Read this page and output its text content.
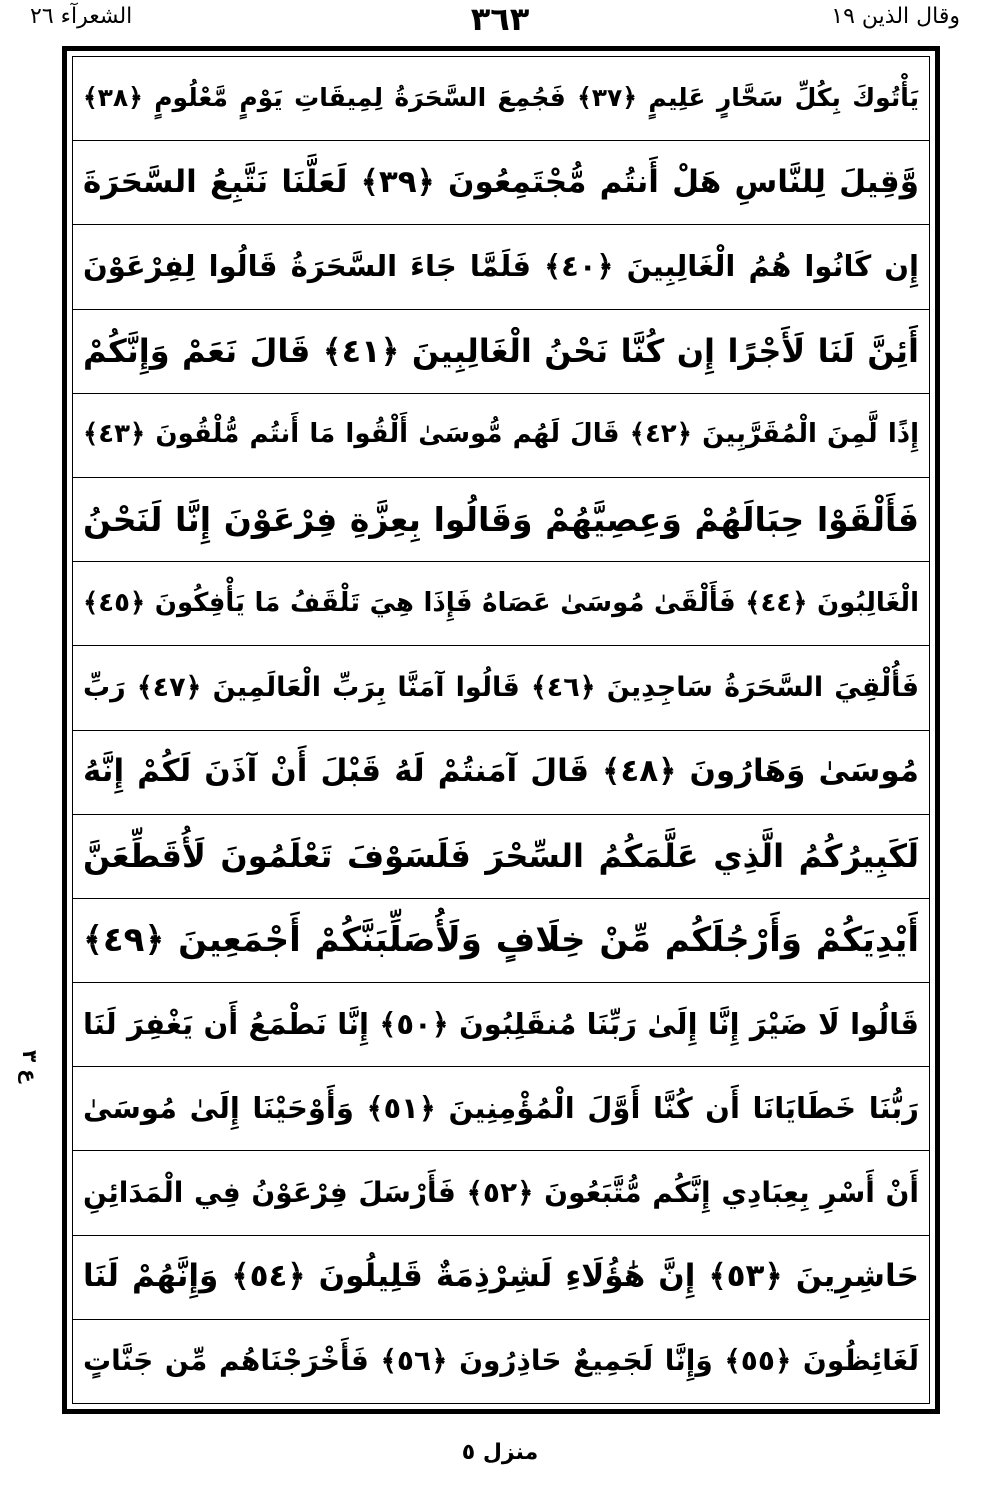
الشعرآء ٢٦	٣٦٣	وقال الذين ١٩
يَأْتُوكَ بِكُلِّ سَحَّارٍ عَلِيمٍ ﴿٣٧﴾ فَجُمِعَ السَّحَرَةُ لِمِيقَاتِ يَوْمٍ مَّعْلُومٍ ﴿٣٨﴾
وَّقِيلَ لِلنَّاسِ هَلْ أَنتُم مُّجْتَمِعُونَ ﴿٣٩﴾ لَعَلَّنَا نَتَّبِعُ السَّحَرَةَ
إِن كَانُوا هُمُ الْغَالِبِينَ ﴿٤٠﴾ فَلَمَّا جَاءَ السَّحَرَةُ قَالُوا لِفِرْعَوْنَ
أَئِنَّ لَنَا لَأَجْرًا إِن كُنَّا نَحْنُ الْغَالِبِينَ ﴿٤١﴾ قَالَ نَعَمْ وَإِنَّكُمْ
إِذًا لَّمِنَ الْمُقَرَّبِينَ ﴿٤٢﴾ قَالَ لَهُم مُّوسَىٰ أَلْقُوا مَا أَنتُم مُّلْقُونَ ﴿٤٣﴾
فَأَلْقَوْا حِبَالَهُمْ وَعِصِيَّهُمْ وَقَالُوا بِعِزَّةِ فِرْعَوْنَ إِنَّا لَنَحْنُ
الْغَالِبُونَ ﴿٤٤﴾ فَأَلْقَىٰ مُوسَىٰ عَصَاهُ فَإِذَا هِيَ تَلْقَفُ مَا يَأْفِكُونَ ﴿٤٥﴾
فَأُلْقِيَ السَّحَرَةُ سَاجِدِينَ ﴿٤٦﴾ قَالُوا آمَنَّا بِرَبِّ الْعَالَمِينَ ﴿٤٧﴾ رَبِّ
مُوسَىٰ وَهَارُونَ ﴿٤٨﴾ قَالَ آمَنتُمْ لَهُ قَبْلَ أَنْ آذَنَ لَكُمْ إِنَّهُ
لَكَبِيرُكُمُ الَّذِي عَلَّمَكُمُ السِّحْرَ فَلَسَوْفَ تَعْلَمُونَ لَأُقَطِّعَنَّ
أَيْدِيَكُمْ وَأَرْجُلَكُم مِّنْ خِلَافٍ وَلَأُصَلِّبَنَّكُمْ أَجْمَعِينَ ﴿٤٩﴾
قَالُوا لَا ضَيْرَ إِنَّا إِلَىٰ رَبِّنَا مُنقَلِبُونَ ﴿٥٠﴾ إِنَّا نَطْمَعُ أَن يَغْفِرَ لَنَا
رَبُّنَا خَطَايَانَا أَن كُنَّا أَوَّلَ الْمُؤْمِنِينَ ﴿٥١﴾ وَأَوْحَيْنَا إِلَىٰ مُوسَىٰ
أَنْ أَسْرِ بِعِبَادِي إِنَّكُم مُّتَّبَعُونَ ﴿٥٢﴾ فَأَرْسَلَ فِرْعَوْنُ فِي الْمَدَائِنِ
حَاشِرِينَ ﴿٥٣﴾ إِنَّ هَٰؤُلَاءِ لَشِرْذِمَةٌ قَلِيلُونَ ﴿٥٤﴾ وَإِنَّهُمْ لَنَا
لَغَائِظُونَ ﴿٥٥﴾ وَإِنَّا لَجَمِيعٌ حَاذِرُونَ ﴿٥٦﴾ فَأَخْرَجْنَاهُم مِّن جَنَّاتٍ
ع ٣
منزل ٥
